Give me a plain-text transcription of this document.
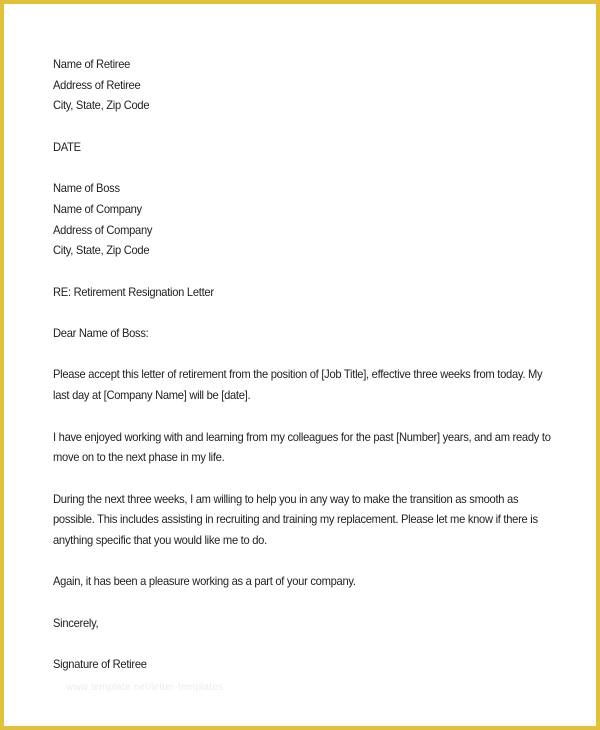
Name of Retiree
Address of Retiree
City, State, Zip Code
DATE
Name of Boss
Name of Company
Address of Company
City, State, Zip Code
RE: Retirement Resignation Letter
Dear Name of Boss:
Please accept this letter of retirement from the position of [Job Title], effective three weeks from today. My
last day at [Company Name] will be [date].
I have enjoyed working with and learning from my colleagues for the past [Number] years, and am ready to
move on to the next phase in my life.
During the next three weeks, I am willing to help you in any way to make the transition as smooth as
possible. This includes assisting in recruiting and training my replacement. Please let me know if there is
anything specific that you would like me to do.
Again, it has been a pleasure working as a part of your company.
Sincerely,
Signature of Retiree
www.template.net/letter-templates
